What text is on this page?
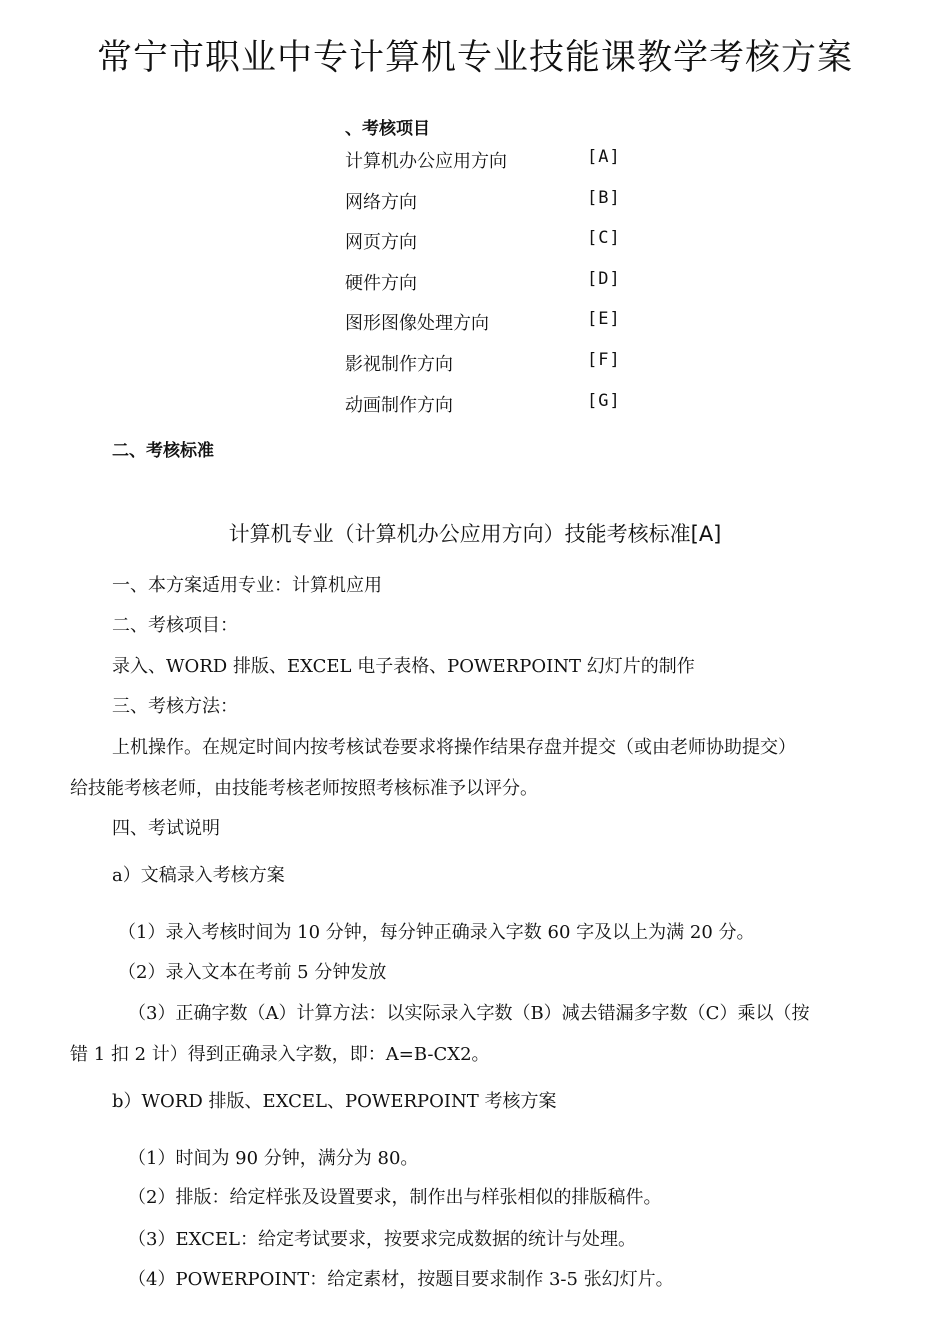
常宁市职业中专计算机专业技能课教学考核方案
、考核项目
计算机办公应用方向	[A]
网络方向	[B]
网页方向	[C]
硬件方向	[D]
图形图像处理方向	[E]
影视制作方向	[F]
动画制作方向	[G]
二、考核标准
计算机专业（计算机办公应用方向）技能考核标准[A]
一、本方案适用专业：计算机应用
二、考核项目：
录入、WORD 排版、EXCEL 电子表格、POWERPOINT 幻灯片的制作
三、考核方法：
上机操作。在规定时间内按考核试卷要求将操作结果存盘并提交（或由老师协助提交）
给技能考核老师，由技能考核老师按照考核标准予以评分。
四、考试说明
a）文稿录入考核方案
（1）录入考核时间为 10 分钟，每分钟正确录入字数 60 字及以上为满 20 分。
（2）录入文本在考前 5 分钟发放
（3）正确字数（A）计算方法：以实际录入字数（B）减去错漏多字数（C）乘以（按
错 1 扣 2 计）得到正确录入字数，即：A=B-CX2。
b）WORD 排版、EXCEL、POWERPOINT 考核方案
（1）时间为 90 分钟，满分为 80。
（2）排版：给定样张及设置要求，制作出与样张相似的排版稿件。
（3）EXCEL：给定考试要求，按要求完成数据的统计与处理。
（4）POWERPOINT：给定素材，按题目要求制作 3-5 张幻灯片。
